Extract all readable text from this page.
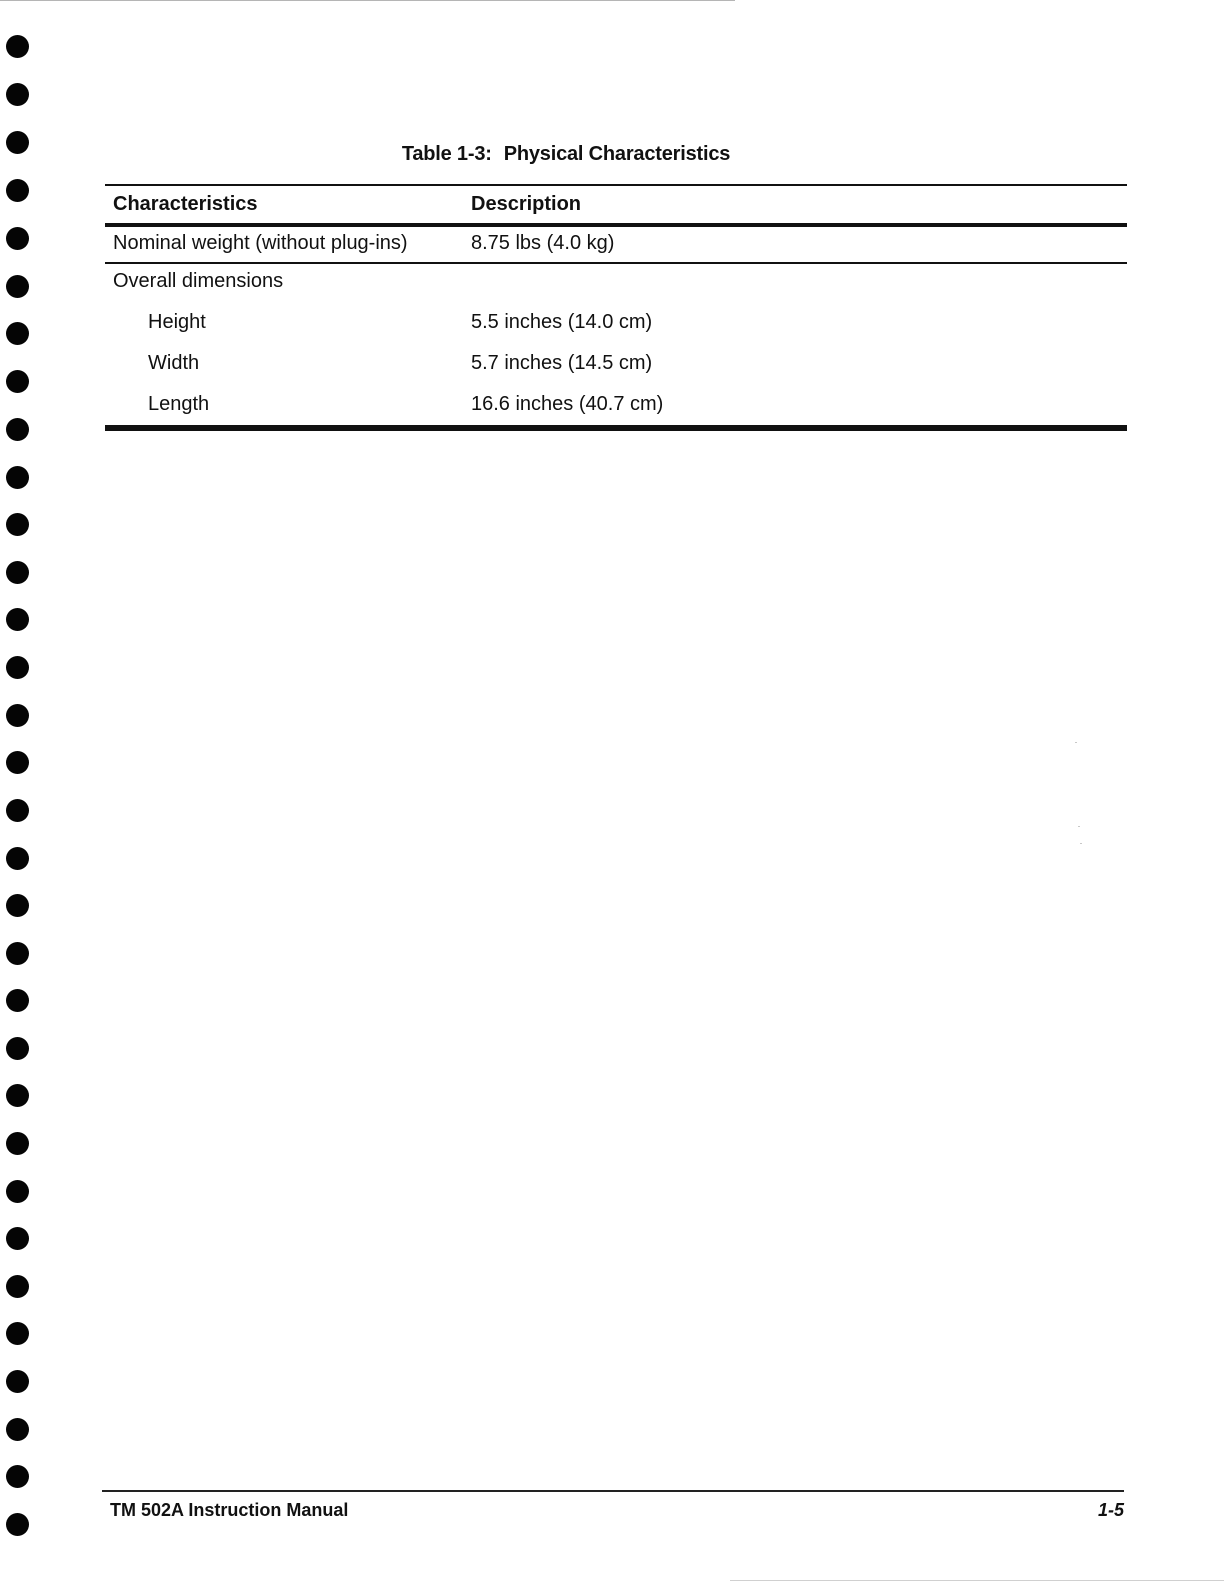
Table 1-3: Physical Characteristics
Characteristics	Description
Nominal weight (without plug-ins)	8.75 lbs (4.0 kg)
Overall dimensions
Height	5.5 inches (14.0 cm)
Width	5.7 inches (14.5 cm)
Length	16.6 inches (40.7 cm)
TM 502A Instruction Manual	1-5
